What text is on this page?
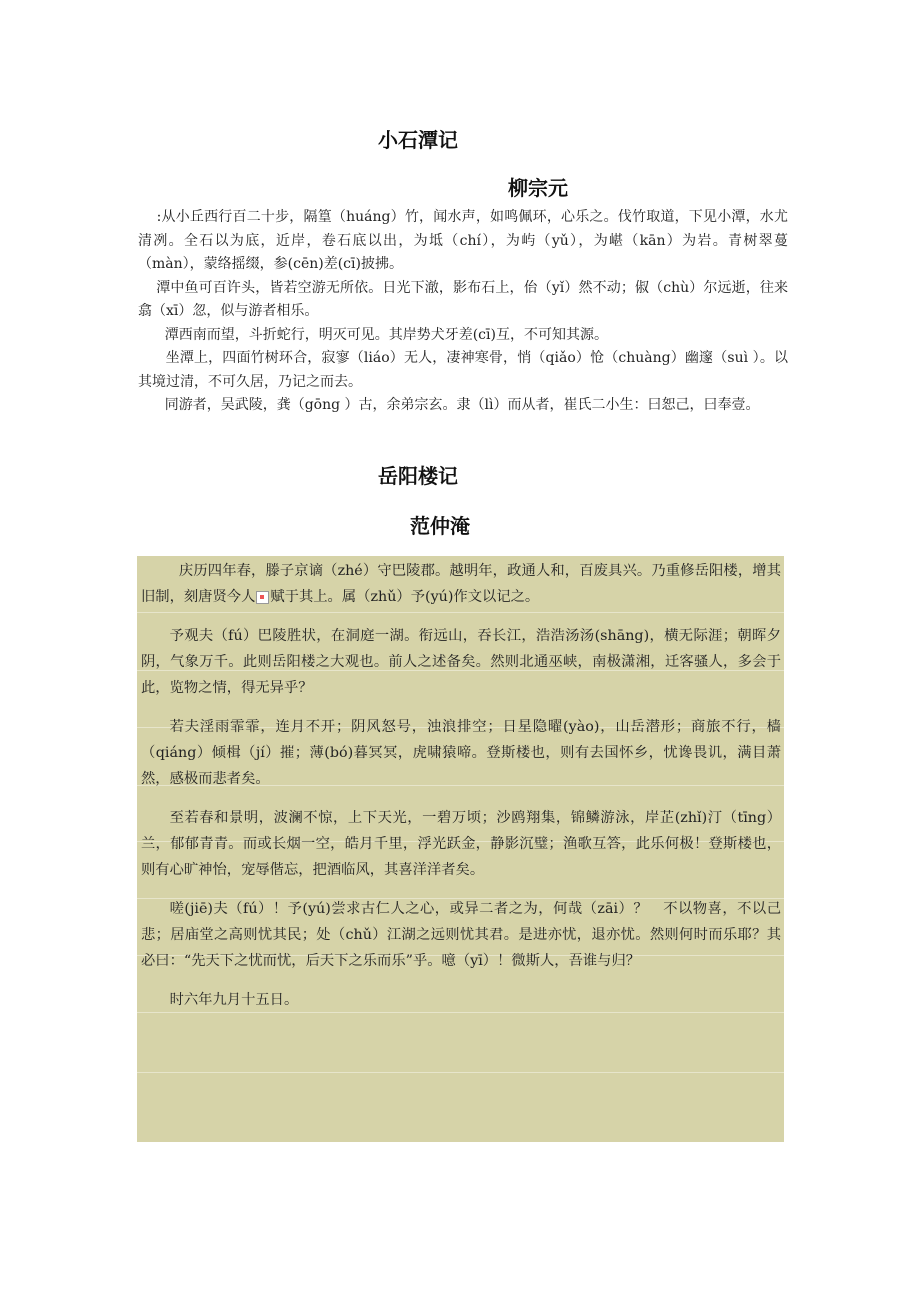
小石潭记
柳宗元

:从小丘西行百二十步，隔篁（huáng）竹，闻水声，如鸣佩环，心乐之。伐竹取道，下见小潭，水尤清冽。全石以为底，近岸，卷石底以出，为坻（chí），为屿（yǔ），为嵁（kān）为岩。青树翠蔓（màn），蒙络摇缀，参(cēn)差(cī)披拂。

潭中鱼可百许头，皆若空游无所依。日光下澈，影布石上，佁（yǐ）然不动；俶（chù）尔远逝，往来翕（xī）忽，似与游者相乐。

潭西南而望，斗折蛇行，明灭可见。其岸势犬牙差(cī)互，不可知其源。

坐潭上，四面竹树环合，寂寥（liáo）无人，凄神寒骨，悄（qiǎo）怆（chuàng）幽邃（suì ）。以其境过清，不可久居，乃记之而去。

同游者，吴武陵，龚（gōng ）古，余弟宗玄。隶（lì）而从者，崔氏二小生：曰恕己，曰奉壹。

岳阳楼记
范仲淹

庆历四年春，滕子京谪（zhé）守巴陵郡。越明年，政通人和，百废具兴。乃重修岳阳楼，增其旧制，刻唐贤今人 赋于其上。属（zhǔ）予(yú)作文以记之。

予观夫（fú）巴陵胜状，在洞庭一湖。衔远山，吞长江，浩浩汤汤(shāng)，横无际涯；朝晖夕阴，气象万千。此则岳阳楼之大观也。前人之述备矣。然则北通巫峡，南极潇湘，迁客骚人，多会于此，览物之情，得无异乎？

若夫淫雨霏霏，连月不开；阴风怒号，浊浪排空；日星隐曜(yào)，山岳潜形；商旅不行，樯（qiáng）倾楫（jí）摧；薄(bó)暮冥冥，虎啸猿啼。登斯楼也，则有去国怀乡，忧谗畏讥，满目萧然，感极而悲者矣。

至若春和景明，波澜不惊，上下天光，一碧万顷；沙鸥翔集，锦鳞游泳，岸芷(zhǐ)汀（tīng）兰，郁郁青青。而或长烟一空，皓月千里，浮光跃金，静影沉璧；渔歌互答，此乐何极！登斯楼也，则有心旷神怡，宠辱偕忘，把酒临风，其喜洋洋者矣。

嗟(jiē)夫（fú）！予(yú)尝求古仁人之心，或异二者之为，何哉（zāi）？   不以物喜，不以己悲；居庙堂之高则忧其民；处（chǔ）江湖之远则忧其君。是进亦忧，退亦忧。然则何时而乐耶？其必曰：“先天下之忧而忧，后天下之乐而乐”乎。噫（yī）！微斯人，吾谁与归？

时六年九月十五日。
